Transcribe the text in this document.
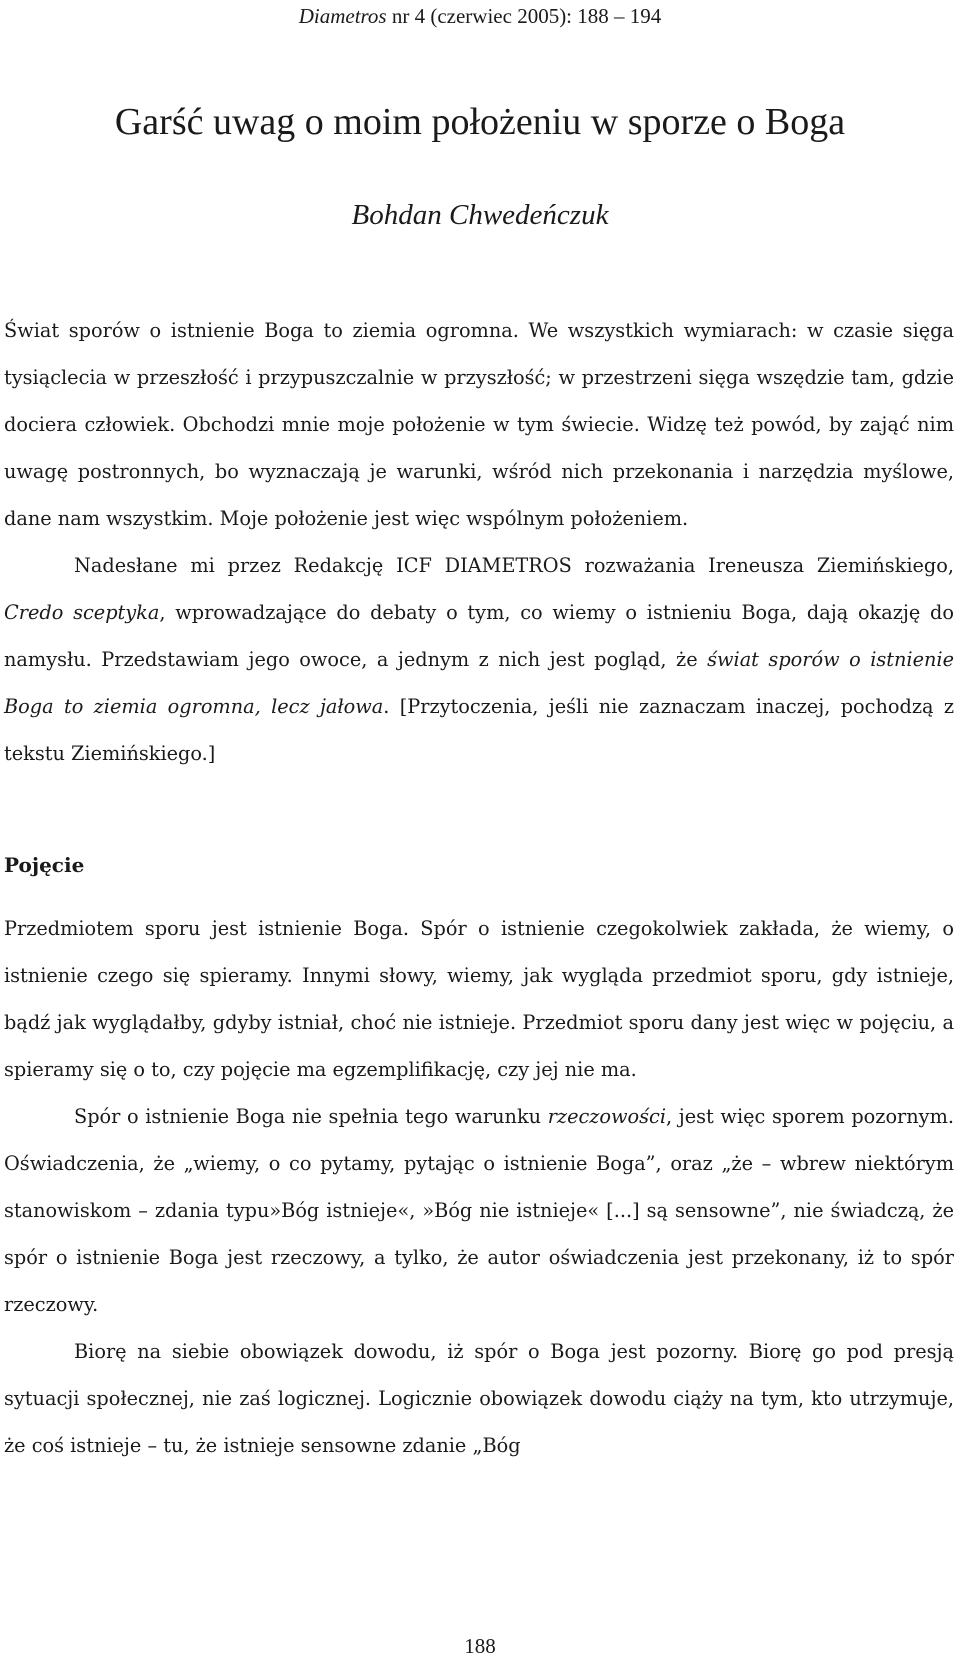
Diametros nr 4 (czerwiec 2005): 188 – 194
Garść uwag o moim położeniu w sporze o Boga
Bohdan Chwedeńczuk

Świat sporów o istnienie Boga to ziemia ogromna. We wszystkich wymiarach: w czasie sięga tysiąclecia w przeszłość i przypuszczalnie w przyszłość; w przestrzeni sięga wszędzie tam, gdzie dociera człowiek. Obchodzi mnie moje położenie w tym świecie. Widzę też powód, by zająć nim uwagę postronnych, bo wyznaczają je warunki, wśród nich przekonania i narzędzia myślowe, dane nam wszystkim. Moje położenie jest więc wspólnym położeniem.

Nadesłane mi przez Redakcję ICF DIAMETROS rozważania Ireneusza Ziemińskiego, Credo sceptyka, wprowadzające do debaty o tym, co wiemy o istnieniu Boga, dają okazję do namysłu. Przedstawiam jego owoce, a jednym z nich jest pogląd, że świat sporów o istnienie Boga to ziemia ogromna, lecz jałowa. [Przytoczenia, jeśli nie zaznaczam inaczej, pochodzą z tekstu Ziemińskiego.]

Pojęcie

Przedmiotem sporu jest istnienie Boga. Spór o istnienie czegokolwiek zakłada, że wiemy, o istnienie czego się spieramy. Innymi słowy, wiemy, jak wygląda przedmiot sporu, gdy istnieje, bądź jak wyglądałby, gdyby istniał, choć nie istnieje. Przedmiot sporu dany jest więc w pojęciu, a spieramy się o to, czy pojęcie ma egzemplifikację, czy jej nie ma.

Spór o istnienie Boga nie spełnia tego warunku rzeczowości, jest więc sporem pozornym. Oświadczenia, że „wiemy, o co pytamy, pytając o istnienie Boga”, oraz „że – wbrew niektórym stanowiskom – zdania typu»Bóg istnieje«, »Bóg nie istnieje« [...] są sensowne”, nie świadczą, że spór o istnienie Boga jest rzeczowy, a tylko, że autor oświadczenia jest przekonany, iż to spór rzeczowy.

Biorę na siebie obowiązek dowodu, iż spór o Boga jest pozorny. Biorę go pod presją sytuacji społecznej, nie zaś logicznej. Logicznie obowiązek dowodu ciąży na tym, kto utrzymuje, że coś istnieje – tu, że istnieje sensowne zdanie „Bóg

188
